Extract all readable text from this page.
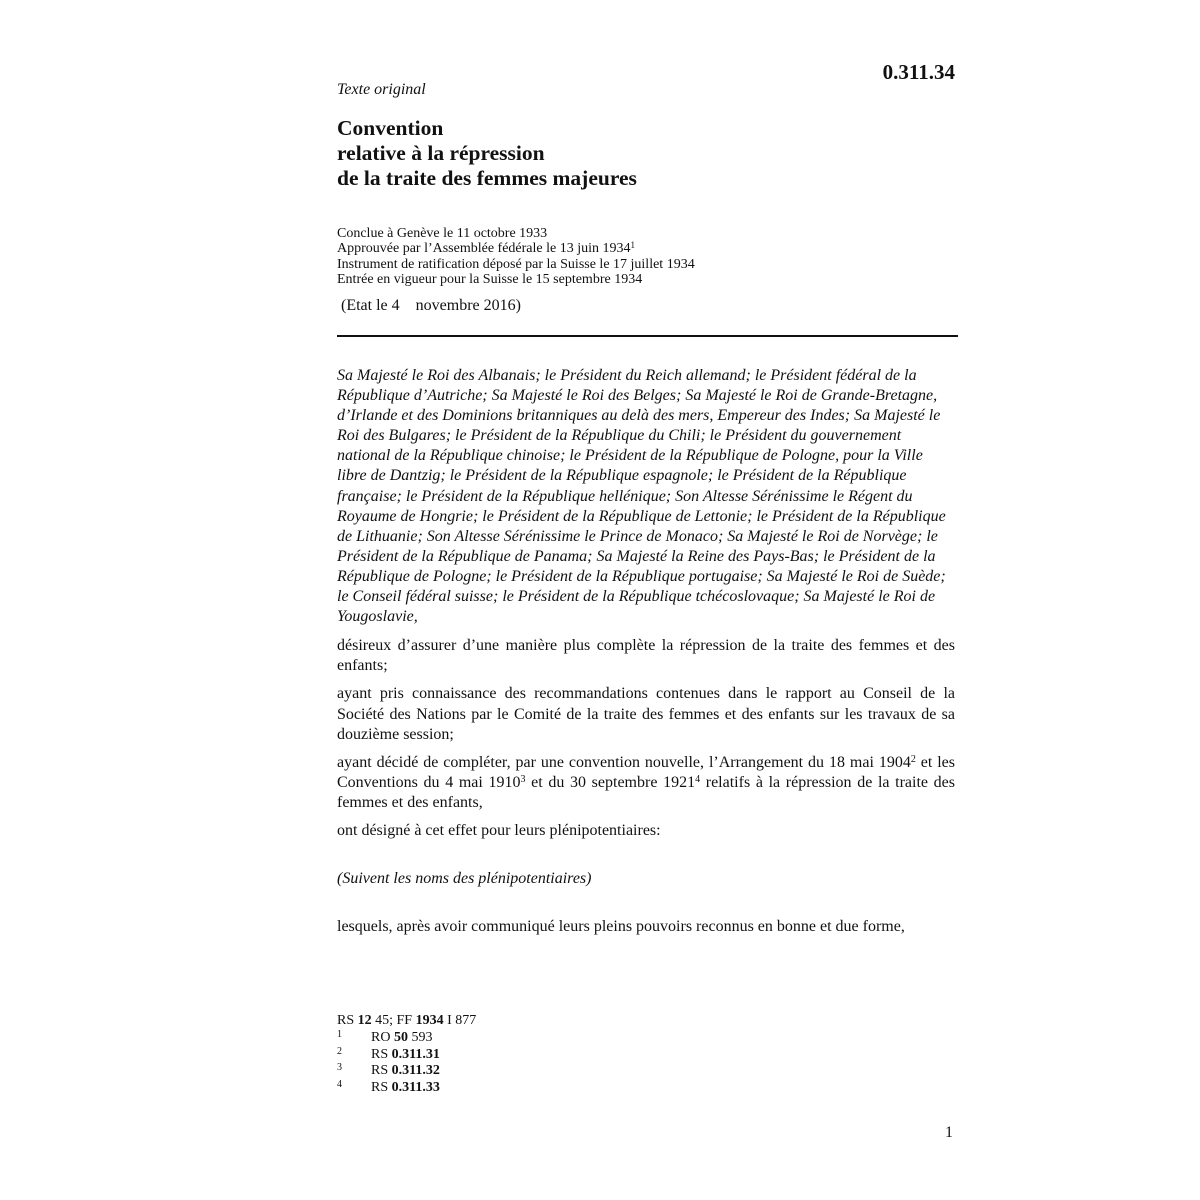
0.311.34
Texte original
Convention
relative à la répression
de la traite des femmes majeures
Conclue à Genève le 11 octobre 1933
Approuvée par l’Assemblée fédérale le 13 juin 1934$^1$
Instrument de ratification déposé par la Suisse le 17 juillet 1934
Entrée en vigueur pour la Suisse le 15 septembre 1934
(Etat le 4    novembre 2016)

Sa Majesté le Roi des Albanais; le Président du Reich allemand; le Président fédéral de la République d’Autriche; Sa Majesté le Roi des Belges; Sa Majesté le Roi de Grande-Bretagne, d’Irlande et des Dominions britanniques au delà des mers, Empereur des Indes; Sa Majesté le Roi des Bulgares; le Président de la République du Chili; le Président du gouvernement national de la République chinoise; le Président de la République de Pologne, pour la Ville libre de Dantzig; le Président de la République espagnole; le Président de la République française; le Président de la République hellénique; Son Altesse Sérénissime le Régent du Royaume de Hongrie; le Président de la République de Lettonie; le Président de la République de Lithuanie; Son Altesse Sérénissime le Prince de Monaco; Sa Majesté le Roi de Norvège; le Président de la République de Panama; Sa Majesté la Reine des Pays-Bas; le Président de la République de Pologne; le Président de la République portugaise; Sa Majesté le Roi de Suède; le Conseil fédéral suisse; le Président de la République tchécoslovaque; Sa Majesté le Roi de Yougoslavie,

désireux d’assurer d’une manière plus complète la répression de la traite des femmes et des enfants;

ayant pris connaissance des recommandations contenues dans le rapport au Conseil de la Société des Nations par le Comité de la traite des femmes et des enfants sur les travaux de sa douzième session;

ayant décidé de compléter, par une convention nouvelle, l’Arrangement du 18 mai 1904$^2$ et les Conventions du 4 mai 1910$^3$ et du 30 septembre 1921$^4$ relatifs à la répression de la traite des femmes et des enfants,

ont désigné à cet effet pour leurs plénipotentiaires:

(Suivent les noms des plénipotentiaires)

lesquels, après avoir communiqué leurs pleins pouvoirs reconnus en bonne et due forme,

RS 12 45; FF 1934 I 877
1 RO 50 593
2 RS 0.311.31
3 RS 0.311.32
4 RS 0.311.33
1
